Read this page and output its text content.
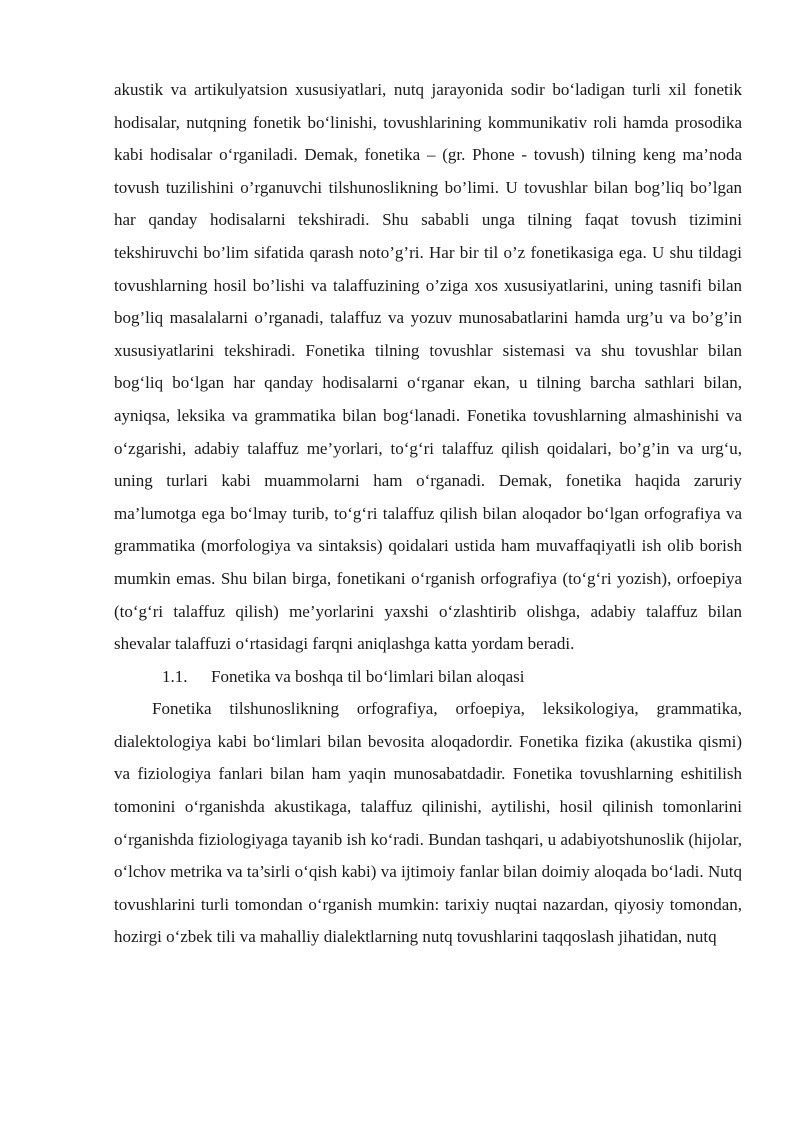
akustik va artikulyatsion xususiyatlari, nutq jarayonida sodir bo‘ladigan turli xil fonetik hodisalar, nutqning fonetik bo‘linishi, tovushlarining kommunikativ roli hamda prosodika kabi hodisalar o‘rganiladi. Demak, fonetika – (gr. Phone - tovush) tilning keng ma’noda tovush tuzilishini o’rganuvchi tilshunoslikning bo’limi. U tovushlar bilan bog’liq bo’lgan har qanday hodisalarni tekshiradi. Shu sababli unga tilning faqat tovush tizimini tekshiruvchi bo’lim sifatida qarash noto’g’ri. Har bir til o’z fonetikasiga ega. U shu tildagi tovushlarning hosil bo’lishi va talaffuzining o’ziga xos xususiyatlarini, uning tasnifi bilan bog’liq masalalarni o’rganadi, talaffuz va yozuv munosabatlarini hamda urg’u va bo’g’in xususiyatlarini tekshiradi. Fonetika tilning tovushlar sistemasi va shu tovushlar bilan bog‘liq bo‘lgan har qanday hodisalarni o‘rganar ekan, u tilning barcha sathlari bilan, ayniqsa, leksika va grammatika bilan bog‘lanadi. Fonetika tovushlarning almashinishi va o‘zgarishi, adabiy talaffuz me’yorlari, to‘g‘ri talaffuz qilish qoidalari, bo’g’in va urg‘u, uning turlari kabi muammolarni ham o‘rganadi. Demak, fonetika haqida zaruriy ma’lumotga ega bo‘lmay turib, to‘g‘ri talaffuz qilish bilan aloqador bo‘lgan orfografiya va grammatika (morfologiya va sintaksis) qoidalari ustida ham muvaffaqiyatli ish olib borish mumkin emas. Shu bilan birga, fonetikani o‘rganish orfografiya (to‘g‘ri yozish), orfoepiya (to‘g‘ri talaffuz qilish) me’yorlarini yaxshi o‘zlashtirib olishga, adabiy talaffuz bilan shevalar talaffuzi o‘rtasidagi farqni aniqlashga katta yordam beradi.

1.1. Fonetika va boshqa til bo‘limlari bilan aloqasi

Fonetika tilshunoslikning orfografiya, orfoepiya, leksikologiya, grammatika, dialektologiya kabi bo‘limlari bilan bevosita aloqadordir. Fonetika fizika (akustika qismi) va fiziologiya fanlari bilan ham yaqin munosabatdadir. Fonetika tovushlarning eshitilish tomonini o‘rganishda akustikaga, talaffuz qilinishi, aytilishi, hosil qilinish tomonlarini o‘rganishda fiziologiyaga tayanib ish ko‘radi. Bundan tashqari, u adabiyotshunoslik (hijolar, o‘lchov metrika va ta’sirli o‘qish kabi) va ijtimoiy fanlar bilan doimiy aloqada bo‘ladi. Nutq tovushlarini turli tomondan o‘rganish mumkin: tarixiy nuqtai nazardan, qiyosiy tomondan, hozirgi o‘zbek tili va mahalliy dialektlarning nutq tovushlarini taqqoslash jihatidan, nutq
